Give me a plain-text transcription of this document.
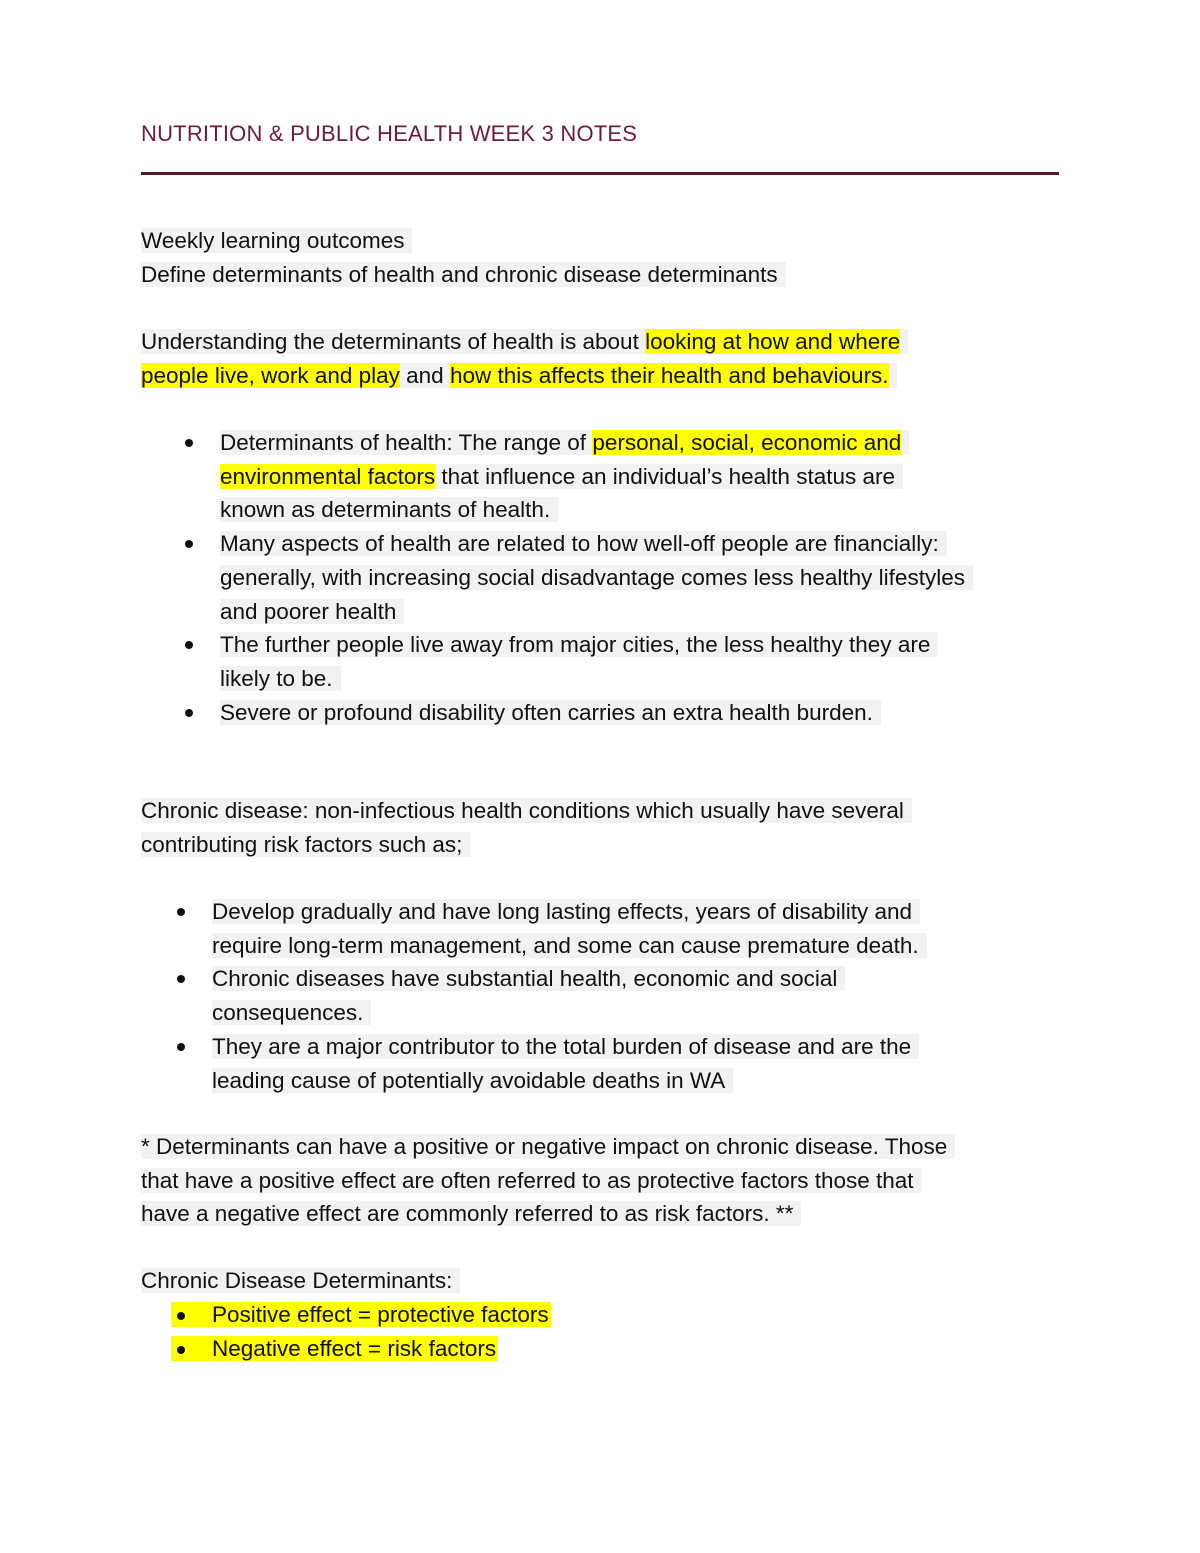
NUTRITION & PUBLIC HEALTH WEEK 3 NOTES
Weekly learning outcomes
Define determinants of health and chronic disease determinants
Understanding the determinants of health is about looking at how and where
people live, work and play and how this affects their health and behaviours.
Determinants of health: The range of personal, social, economic and
environmental factors that influence an individual’s health status are
known as determinants of health.
Many aspects of health are related to how well-off people are financially:
generally, with increasing social disadvantage comes less healthy lifestyles
and poorer health
The further people live away from major cities, the less healthy they are
likely to be.
Severe or profound disability often carries an extra health burden.
Chronic disease: non-infectious health conditions which usually have several
contributing risk factors such as;
Develop gradually and have long lasting effects, years of disability and
require long-term management, and some can cause premature death.
Chronic diseases have substantial health, economic and social
consequences.
They are a major contributor to the total burden of disease and are the
leading cause of potentially avoidable deaths in WA
* Determinants can have a positive or negative impact on chronic disease. Those
that have a positive effect are often referred to as protective factors those that
have a negative effect are commonly referred to as risk factors. **
Chronic Disease Determinants:
Positive effect = protective factors
Negative effect = risk factors
